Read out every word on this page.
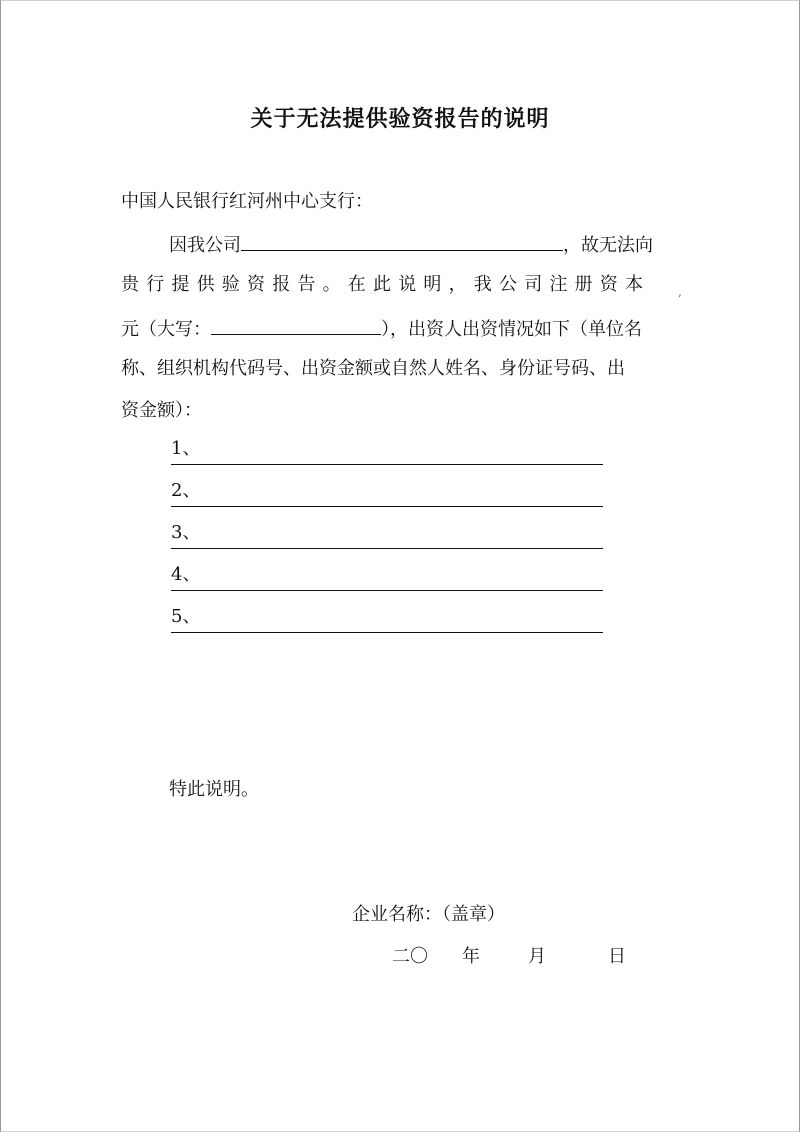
关于无法提供验资报告的说明
中国人民银行红河州中心支行：
因我公司	，故无法向
贵行提供验资报告。在此说明，我公司注册资本 ,
元（大写：	），出资人出资情况如下（单位名
称、组织机构代码号、出资金额或自然人姓名、身份证号码、出
资金额）：
1、
2、
3、
4、
5、
特此说明。
企业名称：（盖章）
二〇 年	月	日
